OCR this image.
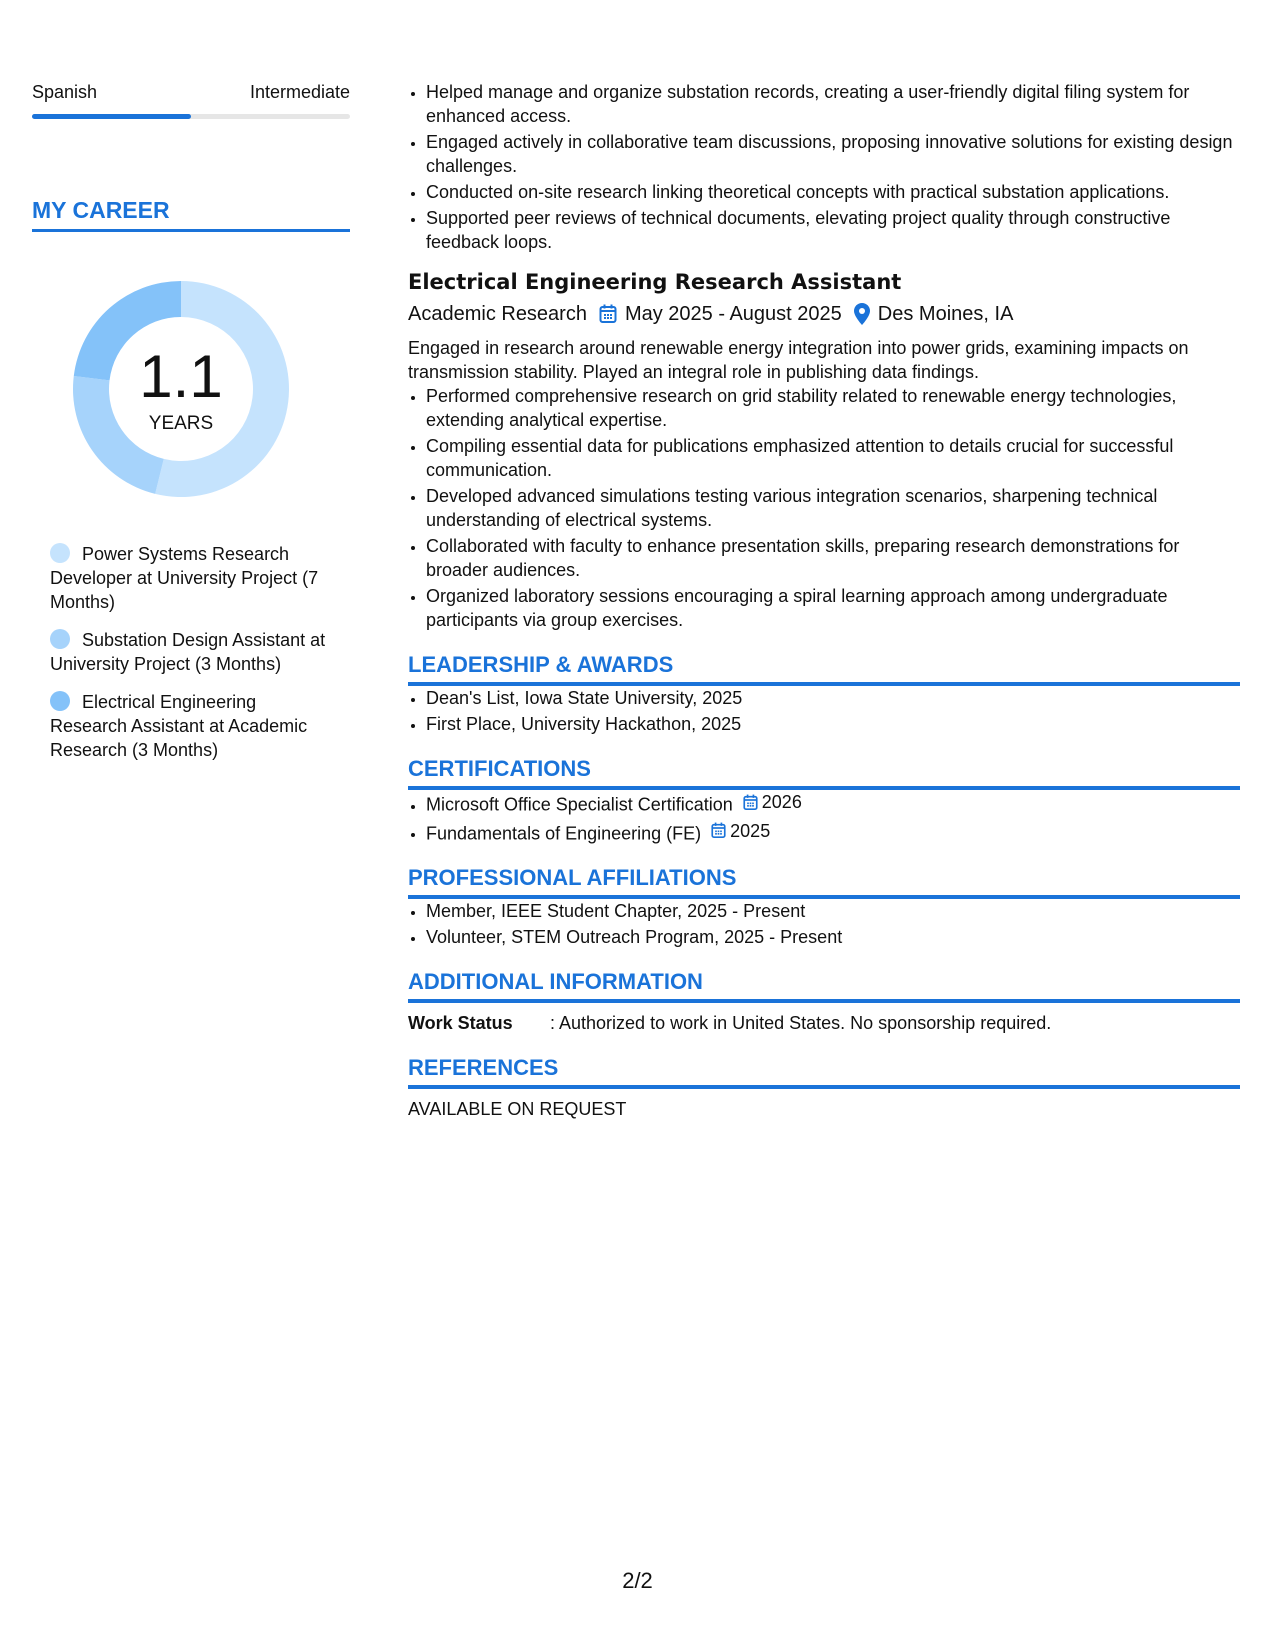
Spanish	Intermediate
MY CAREER
1.1
YEARS
Power Systems Research Developer at University Project (7 Months)
Substation Design Assistant at University Project (3 Months)
Electrical Engineering Research Assistant at Academic Research (3 Months)
• Helped manage and organize substation records, creating a user-friendly digital filing system for enhanced access.
• Engaged actively in collaborative team discussions, proposing innovative solutions for existing design challenges.
• Conducted on-site research linking theoretical concepts with practical substation applications.
• Supported peer reviews of technical documents, elevating project quality through constructive feedback loops.
Electrical Engineering Research Assistant
Academic Research May 2025 - August 2025 Des Moines, IA
Engaged in research around renewable energy integration into power grids, examining impacts on transmission stability. Played an integral role in publishing data findings.
• Performed comprehensive research on grid stability related to renewable energy technologies, extending analytical expertise.
• Compiling essential data for publications emphasized attention to details crucial for successful communication.
• Developed advanced simulations testing various integration scenarios, sharpening technical understanding of electrical systems.
• Collaborated with faculty to enhance presentation skills, preparing research demonstrations for broader audiences.
• Organized laboratory sessions encouraging a spiral learning approach among undergraduate participants via group exercises.
LEADERSHIP & AWARDS
• Dean's List, Iowa State University, 2025
• First Place, University Hackathon, 2025
CERTIFICATIONS
• Microsoft Office Specialist Certification 2026
• Fundamentals of Engineering (FE) 2025
PROFESSIONAL AFFILIATIONS
• Member, IEEE Student Chapter, 2025 - Present
• Volunteer, STEM Outreach Program, 2025 - Present
ADDITIONAL INFORMATION
Work Status	: Authorized to work in United States. No sponsorship required.
REFERENCES
AVAILABLE ON REQUEST
2/2
